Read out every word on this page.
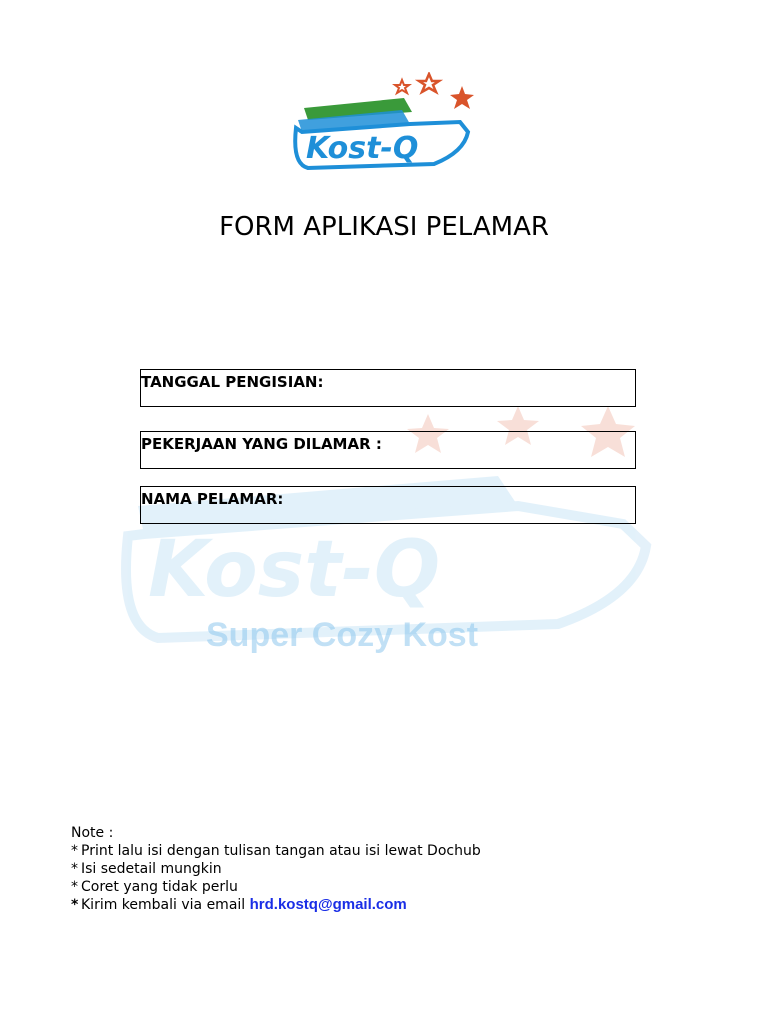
Kost-Q
FORM APLIKASI PELAMAR
Kost-Q
Super Cozy Kost
TANGGAL PENGISIAN:
PEKERJAAN YANG DILAMAR :
NAMA PELAMAR:
Note :
* Print lalu isi dengan tulisan tangan atau isi lewat Dochub
* Isi sedetail mungkin
* Coret yang tidak perlu
* Kirim kembali via email hrd.kostq@gmail.com
